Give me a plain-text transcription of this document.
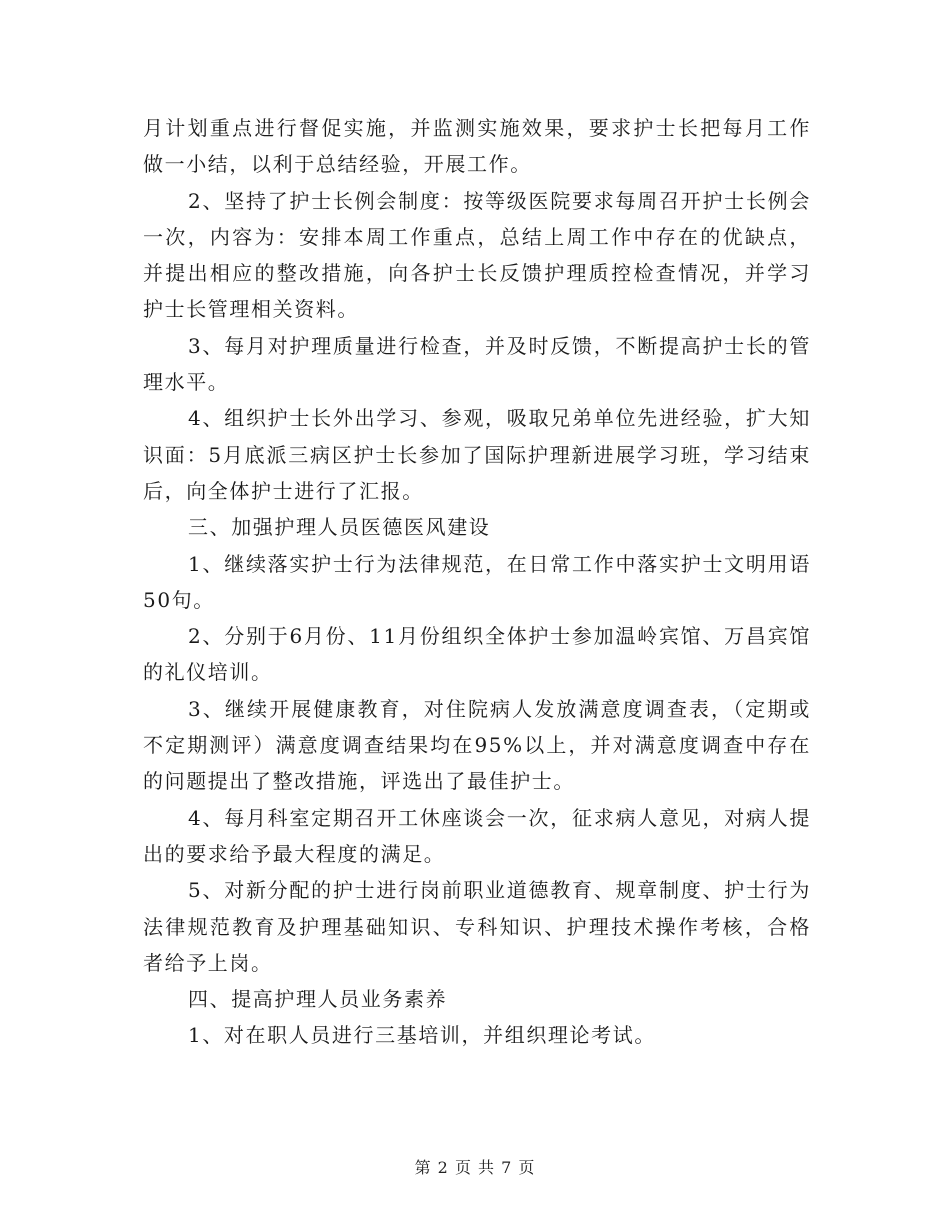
月计划重点进行督促实施，并监测实施效果，要求护士长把每月工作做一小结，以利于总结经验，开展工作。

2、坚持了护士长例会制度：按等级医院要求每周召开护士长例会一次，内容为：安排本周工作重点，总结上周工作中存在的优缺点，并提出相应的整改措施，向各护士长反馈护理质控检查情况，并学习护士长管理相关资料。

3、每月对护理质量进行检查，并及时反馈，不断提高护士长的管理水平。

4、组织护士长外出学习、参观，吸取兄弟单位先进经验，扩大知识面：5月底派三病区护士长参加了国际护理新进展学习班，学习结束后，向全体护士进行了汇报。

三、加强护理人员医德医风建设

1、继续落实护士行为法律规范，在日常工作中落实护士文明用语50句。

2、分别于6月份、11月份组织全体护士参加温岭宾馆、万昌宾馆的礼仪培训。

3、继续开展健康教育，对住院病人发放满意度调查表，（定期或不定期测评）满意度调查结果均在95%以上，并对满意度调查中存在的问题提出了整改措施，评选出了最佳护士。

4、每月科室定期召开工休座谈会一次，征求病人意见，对病人提出的要求给予最大程度的满足。

5、对新分配的护士进行岗前职业道德教育、规章制度、护士行为法律规范教育及护理基础知识、专科知识、护理技术操作考核，合格者给予上岗。

四、提高护理人员业务素养

1、对在职人员进行三基培训，并组织理论考试。

第 2 页 共 7 页
